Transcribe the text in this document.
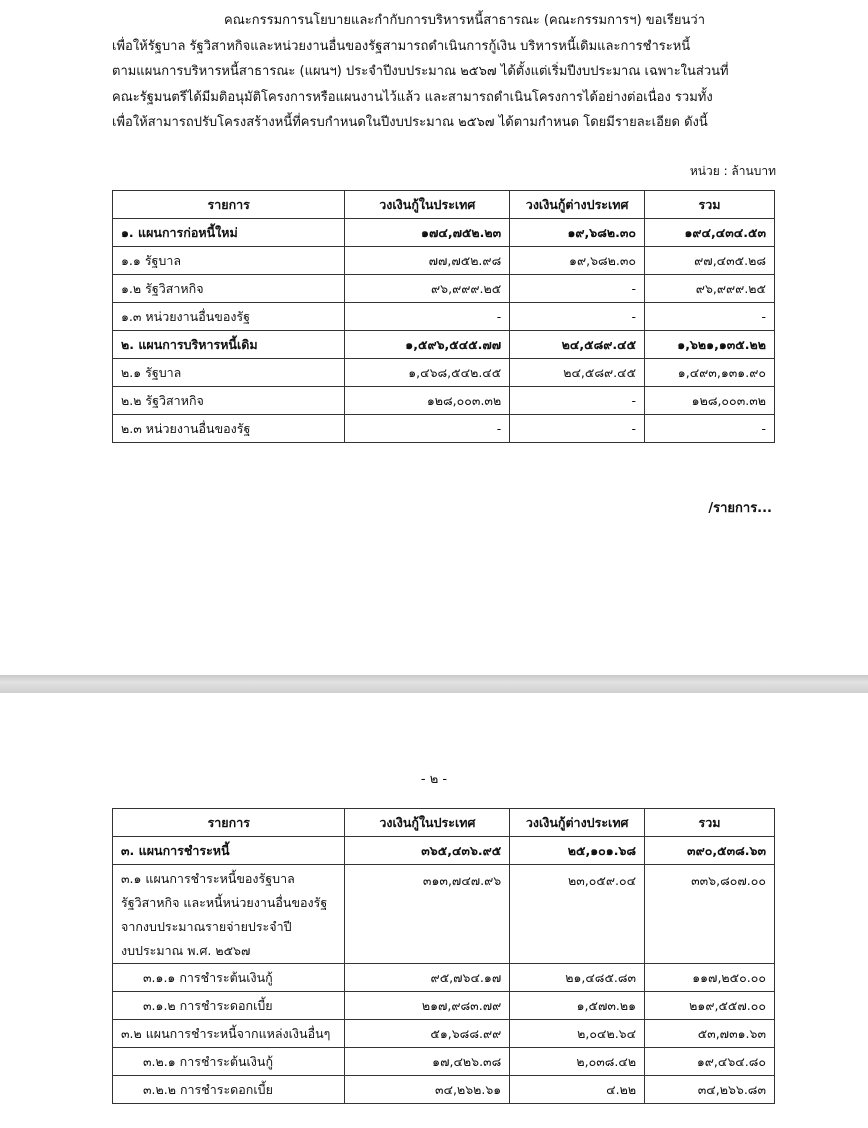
คณะกรรมการนโยบายและกำกับการบริหารหนี้สาธารณะ (คณะกรรมการฯ) ขอเรียนว่า
เพื่อให้รัฐบาล รัฐวิสาหกิจและหน่วยงานอื่นของรัฐสามารถดำเนินการกู้เงิน บริหารหนี้เดิมและการชำระหนี้
ตามแผนการบริหารหนี้สาธารณะ (แผนฯ) ประจำปีงบประมาณ ๒๕๖๗ ได้ตั้งแต่เริ่มปีงบประมาณ เฉพาะในส่วนที่
คณะรัฐมนตรีได้มีมติอนุมัติโครงการหรือแผนงานไว้แล้ว และสามารถดำเนินโครงการได้อย่างต่อเนื่อง รวมทั้ง
เพื่อให้สามารถปรับโครงสร้างหนี้ที่ครบกำหนดในปีงบประมาณ ๒๕๖๗ ได้ตามกำหนด โดยมีรายละเอียด ดังนี้
หน่วย : ล้านบาท
รายการ	วงเงินกู้ในประเทศ	วงเงินกู้ต่างประเทศ	รวม
๑. แผนการก่อหนี้ใหม่	๑๗๔,๗๕๒.๒๓	๑๙,๖๘๒.๓๐	๑๙๔,๔๓๔.๕๓
๑.๑ รัฐบาล	๗๗,๗๕๒.๙๘	๑๙,๖๘๒.๓๐	๙๗,๔๓๕.๒๘
๑.๒ รัฐวิสาหกิจ	๙๖,๙๙๙.๒๕	-	๙๖,๙๙๙.๒๕
๑.๓ หน่วยงานอื่นของรัฐ	-	-	-
๒. แผนการบริหารหนี้เดิม	๑,๕๙๖,๕๔๕.๗๗	๒๔,๕๘๙.๔๕	๑,๖๒๑,๑๓๕.๒๒
๒.๑ รัฐบาล	๑,๔๖๘,๕๔๒.๔๕	๒๔,๕๘๙.๔๕	๑,๔๙๓,๑๓๑.๙๐
๒.๒ รัฐวิสาหกิจ	๑๒๘,๐๐๓.๓๒	-	๑๒๘,๐๐๓.๓๒
๒.๓ หน่วยงานอื่นของรัฐ	-	-	-
/รายการ...
- ๒ -
รายการ	วงเงินกู้ในประเทศ	วงเงินกู้ต่างประเทศ	รวม
๓. แผนการชำระหนี้	๓๖๕,๔๓๖.๙๕	๒๕,๑๐๑.๖๘	๓๙๐,๕๓๘.๖๓

๓.๑ แผนการชำระหนี้ของรัฐบาล
รัฐวิสาหกิจ และหนี้หน่วยงานอื่นของรัฐ
จากงบประมาณรายจ่ายประจำปี
งบประมาณ พ.ศ. ๒๕๖๗	๓๑๓,๗๔๗.๙๖	๒๓,๐๕๙.๐๔	๓๓๖,๘๐๗.๐๐
๓.๑.๑ การชำระต้นเงินกู้	๙๕,๗๖๔.๑๗	๒๑,๔๘๕.๘๓	๑๑๗,๒๕๐.๐๐
๓.๑.๒ การชำระดอกเบี้ย	๒๑๗,๙๘๓.๗๙	๑,๕๗๓.๒๑	๒๑๙,๕๕๗.๐๐
๓.๒ แผนการชำระหนี้จากแหล่งเงินอื่นๆ	๕๑,๖๘๘.๙๙	๒,๐๔๒.๖๔	๕๓,๗๓๑.๖๓
๓.๒.๑ การชำระต้นเงินกู้	๑๗,๔๒๖.๓๘	๒,๐๓๘.๔๒	๑๙,๔๖๔.๘๐
๓.๒.๒ การชำระดอกเบี้ย	๓๔,๒๖๒.๖๑	๔.๒๒	๓๔,๒๖๖.๘๓
